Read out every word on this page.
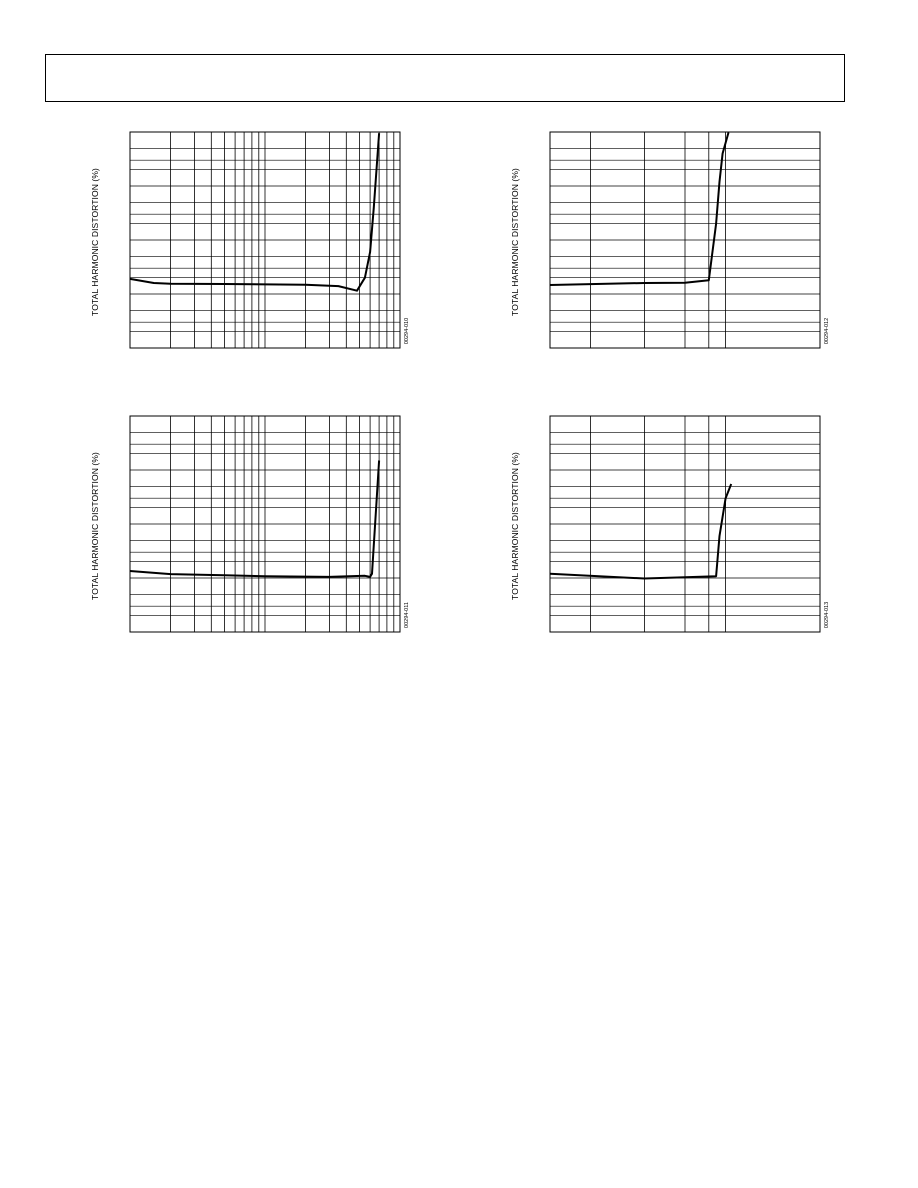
TOTAL HARMONIC DISTORTION (%)
00294-010
TOTAL HARMONIC DISTORTION (%)
00294-012
TOTAL HARMONIC DISTORTION (%)
00294-011
TOTAL HARMONIC DISTORTION (%)
00294-013
